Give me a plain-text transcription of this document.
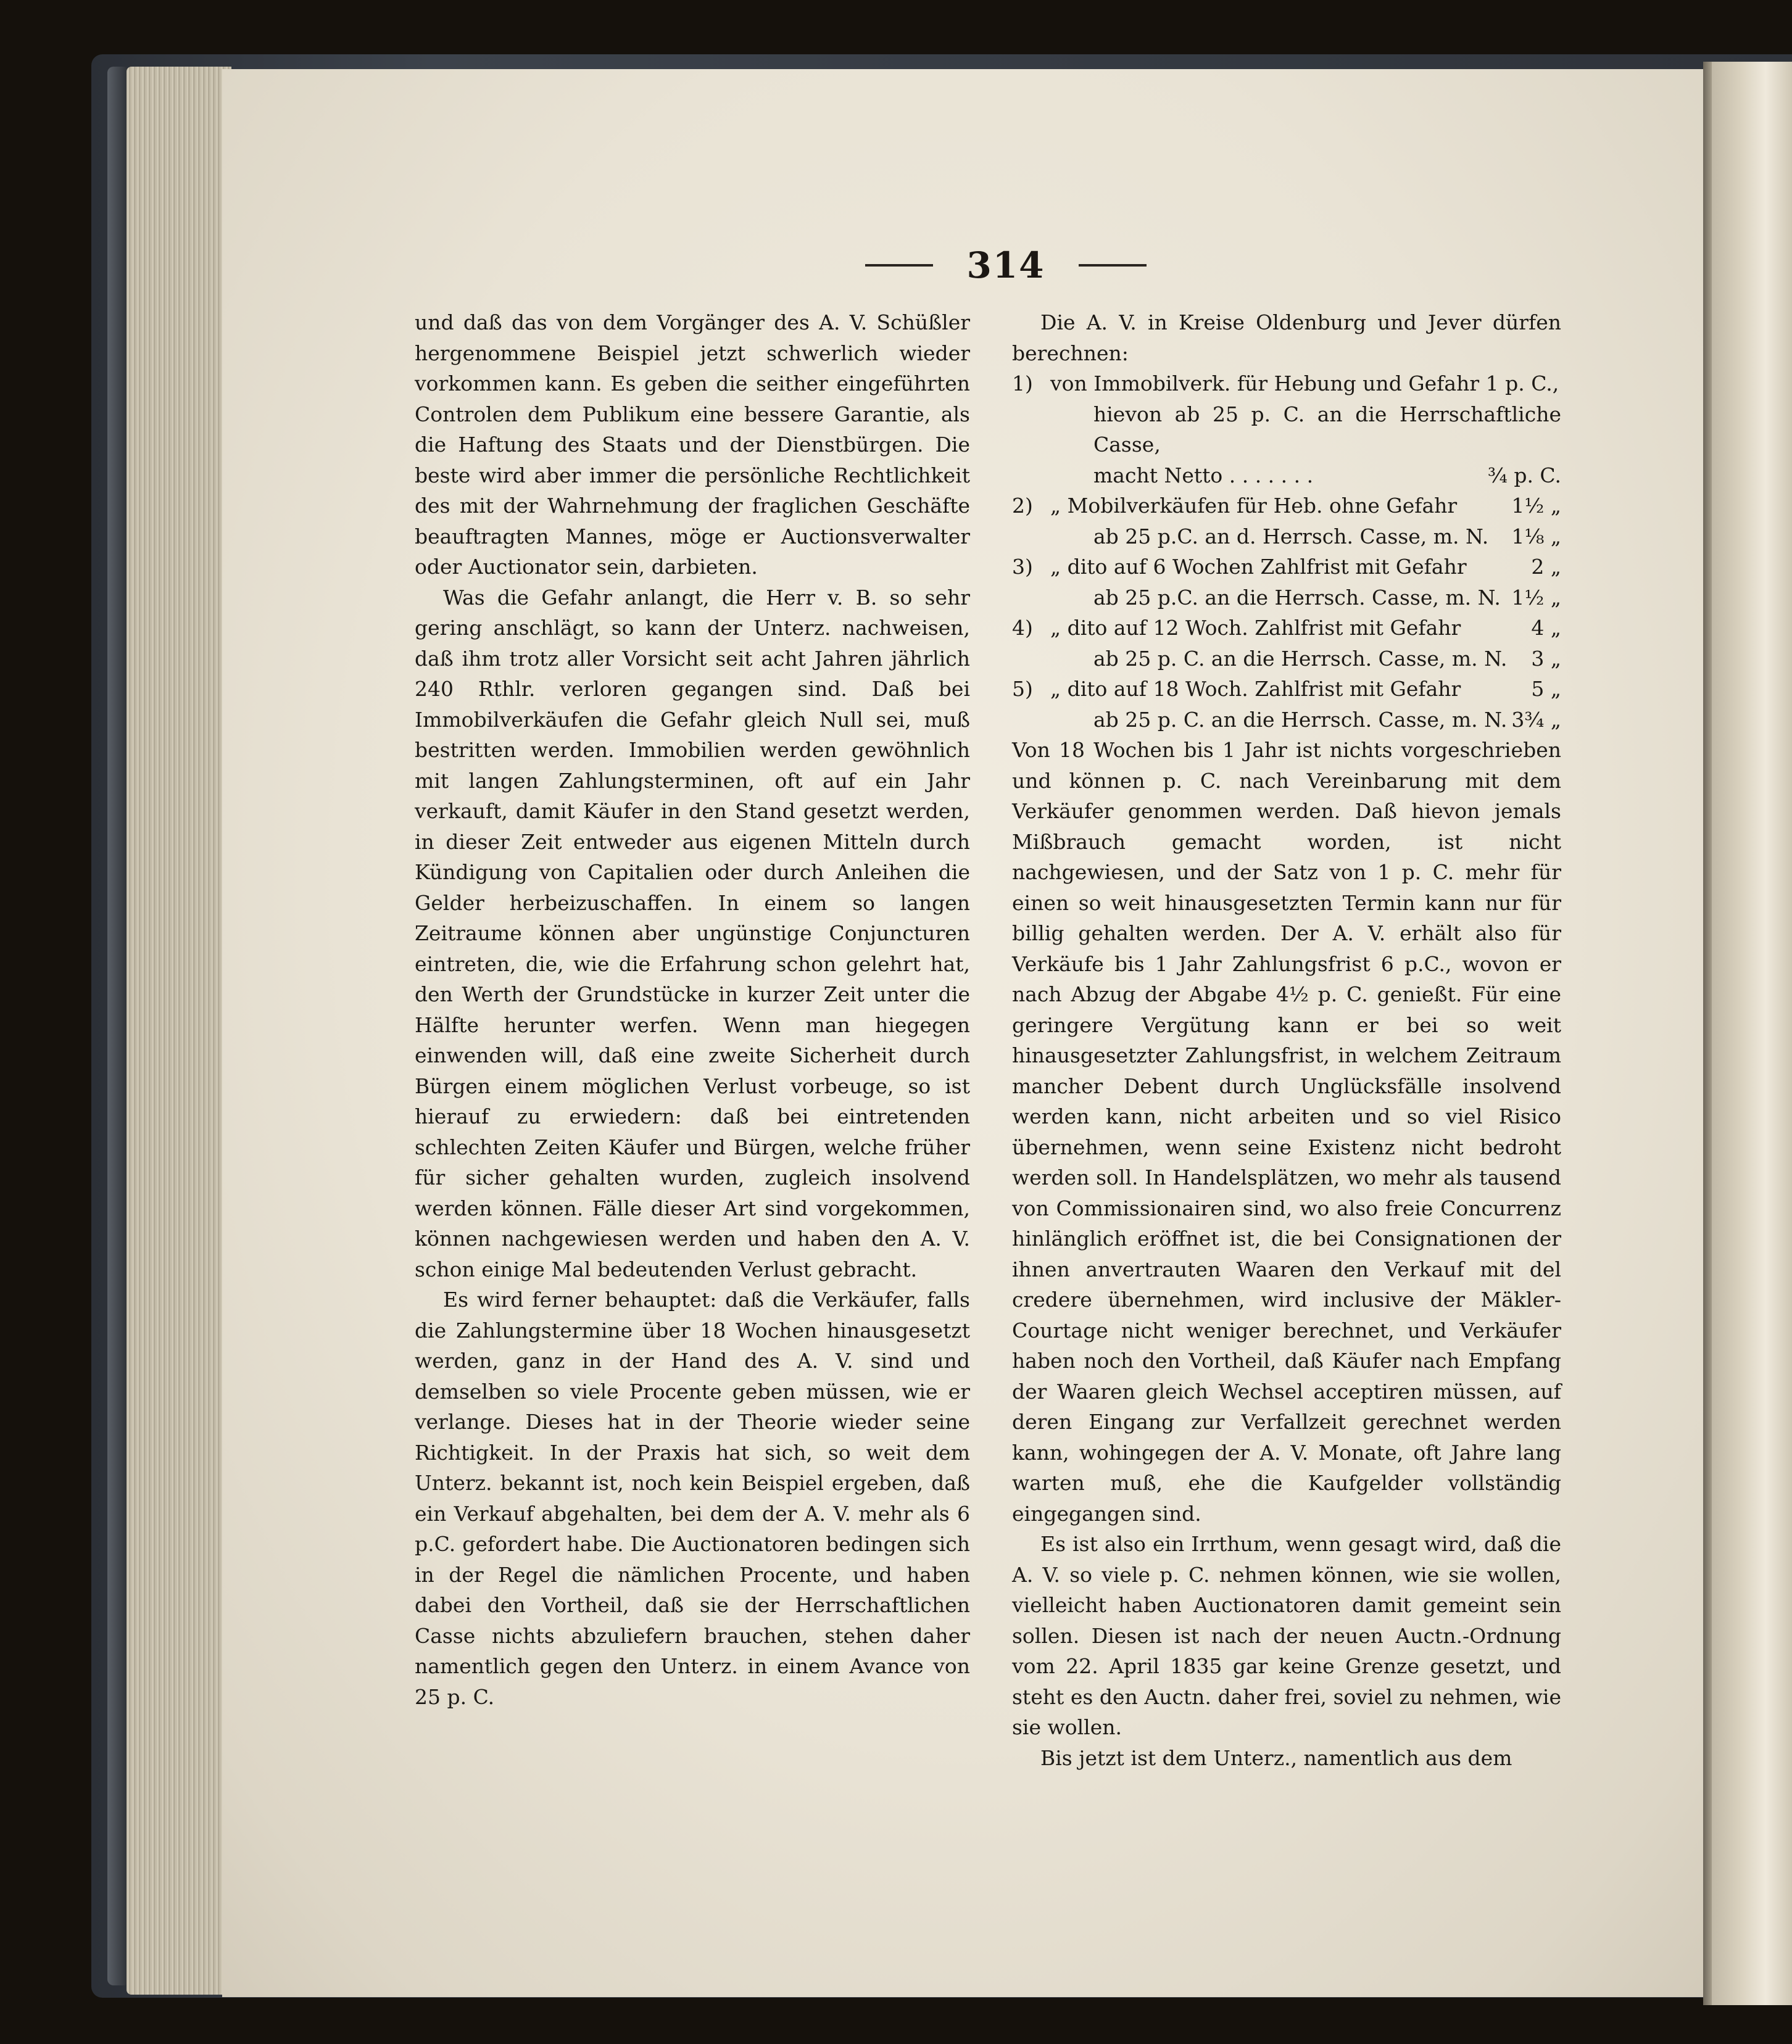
314

und daß das von dem Vorgänger des A. V. Schüßler hergenommene Beispiel jetzt schwerlich wieder vorkommen kann. Es geben die seither eingeführten Controlen dem Publikum eine bessere Garantie, als die Haftung des Staats und der Dienstbürgen. Die beste wird aber immer die persönliche Rechtlichkeit des mit der Wahrnehmung der fraglichen Geschäfte beauftragten Mannes, möge er Auctionsverwalter oder Auctionator sein, darbieten.

Was die Gefahr anlangt, die Herr v. B. so sehr gering anschlägt, so kann der Unterz. nachweisen, daß ihm trotz aller Vorsicht seit acht Jahren jährlich 240 Rthlr. verloren gegangen sind. Daß bei Immobilverkäufen die Gefahr gleich Null sei, muß bestritten werden. Immobilien werden gewöhnlich mit langen Zahlungsterminen, oft auf ein Jahr verkauft, damit Käufer in den Stand gesetzt werden, in dieser Zeit entweder aus eigenen Mitteln durch Kündigung von Capitalien oder durch Anleihen die Gelder herbeizuschaffen. In einem so langen Zeitraume können aber ungünstige Conjuncturen eintreten, die, wie die Erfahrung schon gelehrt hat, den Werth der Grundstücke in kurzer Zeit unter die Hälfte herunter werfen. Wenn man hiegegen einwenden will, daß eine zweite Sicherheit durch Bürgen einem möglichen Verlust vorbeuge, so ist hierauf zu erwiedern: daß bei eintretenden schlechten Zeiten Käufer und Bürgen, welche früher für sicher gehalten wurden, zugleich insolvend werden können. Fälle dieser Art sind vorgekommen, können nachgewiesen werden und haben den A. V. schon einige Mal bedeutenden Verlust gebracht.

Es wird ferner behauptet: daß die Verkäufer, falls die Zahlungstermine über 18 Wochen hinausgesetzt werden, ganz in der Hand des A. V. sind und demselben so viele Procente geben müssen, wie er verlange. Dieses hat in der Theorie wieder seine Richtigkeit. In der Praxis hat sich, so weit dem Unterz. bekannt ist, noch kein Beispiel ergeben, daß ein Verkauf abgehalten, bei dem der A. V. mehr als 6 p.C. gefordert habe. Die Auctionatoren bedingen sich in der Regel die nämlichen Procente, und haben dabei den Vortheil, daß sie der Herrschaftlichen Casse nichts abzuliefern brauchen, stehen daher namentlich gegen den Unterz. in einem Avance von 25 p. C.

Die A. V. in Kreise Oldenburg und Jever dürfen berechnen:

1) von Immobilverk. für Hebung und Gefahr 1 p. C.,
hievon ab 25 p. C. an die Herrschaftliche Casse,
macht Netto . . . . . . .	¾ p. C.
2) „ Mobilverkäufen für Heb. ohne Gefahr	1½ „
ab 25 p.C. an d. Herrsch. Casse, m. N. 1⅛ „
3) „ dito auf 6 Wochen Zahlfrist mit Gefahr	2 „
ab 25 p.C. an die Herrsch. Casse, m. N. 1½ „
4) „ dito auf 12 Woch. Zahlfrist mit Gefahr	4 „
ab 25 p. C. an die Herrsch. Casse, m. N. 3 „
5) „ dito auf 18 Woch. Zahlfrist mit Gefahr	5 „
ab 25 p. C. an die Herrsch. Casse, m. N. 3¾ „

Von 18 Wochen bis 1 Jahr ist nichts vorgeschrieben und können p. C. nach Vereinbarung mit dem Verkäufer genommen werden. Daß hievon jemals Mißbrauch gemacht worden, ist nicht nachgewiesen, und der Satz von 1 p. C. mehr für einen so weit hinausgesetzten Termin kann nur für billig gehalten werden. Der A. V. erhält also für Verkäufe bis 1 Jahr Zahlungsfrist 6 p.C., wovon er nach Abzug der Abgabe 4½ p. C. genießt. Für eine geringere Vergütung kann er bei so weit hinausgesetzter Zahlungsfrist, in welchem Zeitraum mancher Debent durch Unglücksfälle insolvend werden kann, nicht arbeiten und so viel Risico übernehmen, wenn seine Existenz nicht bedroht werden soll. In Handelsplätzen, wo mehr als tausend von Commissionairen sind, wo also freie Concurrenz hinlänglich eröffnet ist, die bei Consignationen der ihnen anvertrauten Waaren den Verkauf mit del credere übernehmen, wird inclusive der Mäkler-Courtage nicht weniger berechnet, und Verkäufer haben noch den Vortheil, daß Käufer nach Empfang der Waaren gleich Wechsel acceptiren müssen, auf deren Eingang zur Verfallzeit gerechnet werden kann, wohingegen der A. V. Monate, oft Jahre lang warten muß, ehe die Kaufgelder vollständig eingegangen sind.

Es ist also ein Irrthum, wenn gesagt wird, daß die A. V. so viele p. C. nehmen können, wie sie wollen, vielleicht haben Auctionatoren damit gemeint sein sollen. Diesen ist nach der neuen Auctn.-Ordnung vom 22. April 1835 gar keine Grenze gesetzt, und steht es den Auctn. daher frei, soviel zu nehmen, wie sie wollen.

Bis jetzt ist dem Unterz., namentlich aus dem
